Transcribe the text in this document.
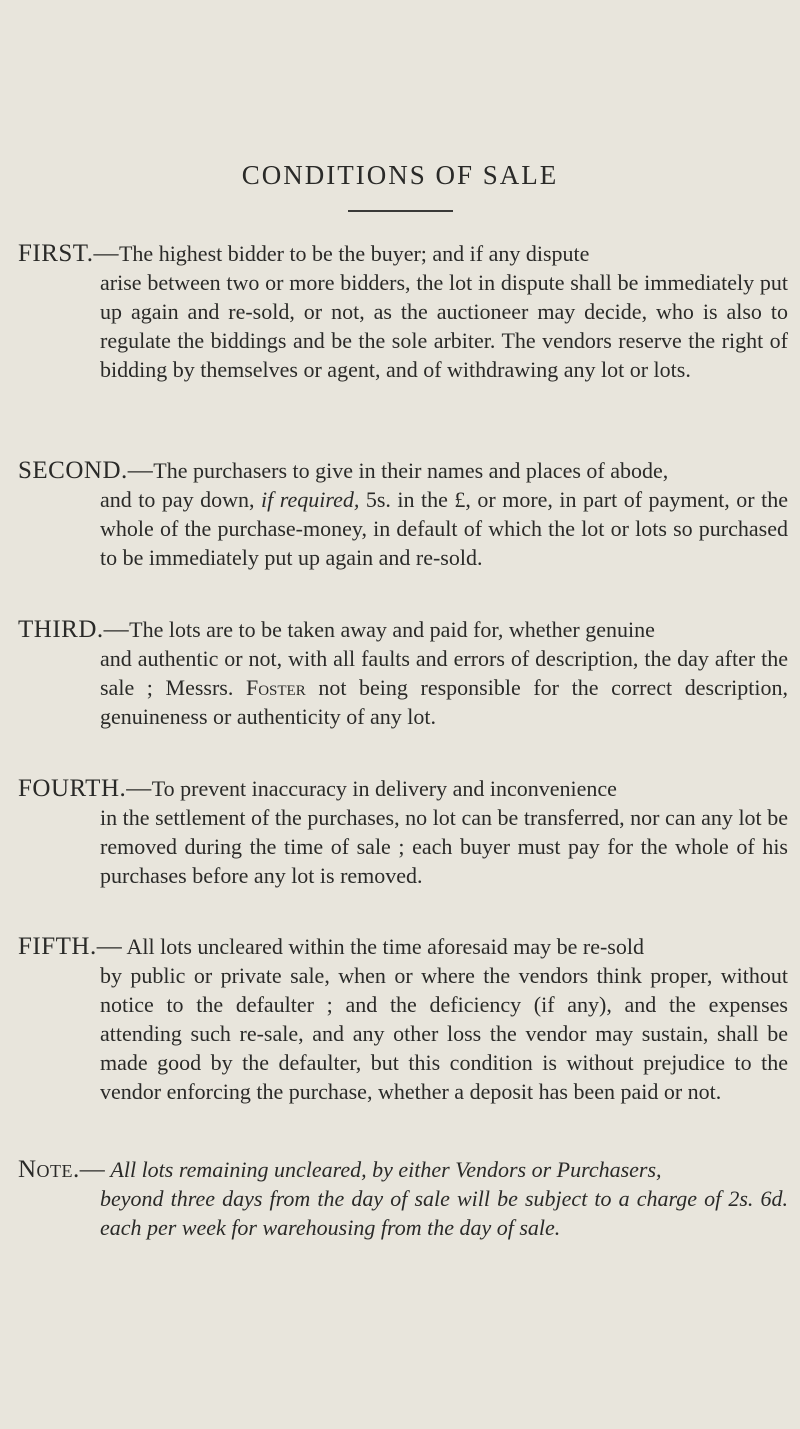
CONDITIONS OF SALE
FIRST.—The highest bidder to be the buyer; and if any dispute
arise between two or more bidders, the lot in dispute shall be immediately put up again and re-sold, or not, as the auctioneer may decide, who is also to regulate the biddings and be the sole arbiter. The vendors reserve the right of bidding by themselves or agent, and of withdrawing any lot or lots.
SECOND.—The purchasers to give in their names and places of abode,
and to pay down, if required, 5s. in the £, or more, in part of payment, or the whole of the purchase-money, in default of which the lot or lots so purchased to be immediately put up again and re-sold.
THIRD.—The lots are to be taken away and paid for, whether genuine
and authentic or not, with all faults and errors of description, the day after the sale ; Messrs. Foster not being responsible for the correct description, genuineness or authenticity of any lot.
FOURTH.—To prevent inaccuracy in delivery and inconvenience
in the settlement of the purchases, no lot can be transferred, nor can any lot be removed during the time of sale ; each buyer must pay for the whole of his purchases before any lot is removed.
FIFTH.— All lots uncleared within the time aforesaid may be re-sold
by public or private sale, when or where the vendors think proper, without notice to the defaulter ; and the deficiency (if any), and the expenses attending such re-sale, and any other loss the vendor may sustain, shall be made good by the defaulter, but this condition is without prejudice to the vendor enforcing the purchase, whether a deposit has been paid or not.
Note.— All lots remaining uncleared, by either Vendors or Purchasers,
beyond three days from the day of sale will be subject to a charge of 2s. 6d. each per week for warehousing from the day of sale.
